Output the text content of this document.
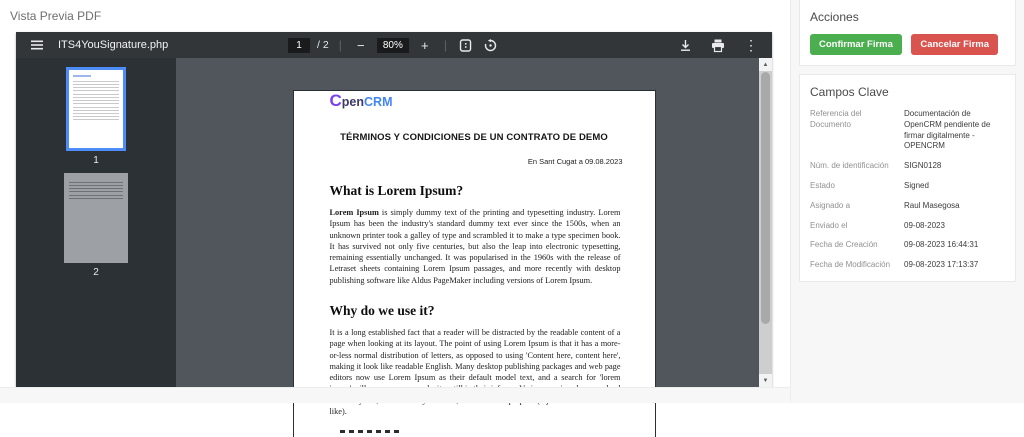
Vista Previa PDF
ITS4YouSignature.php
1	/ 2 |	−	80%	+	|	⋮
1
2
CpenCRM
TÉRMINOS Y CONDICIONES DE UN CONTRATO DE DEMO
En Sant Cugat a 09.08.2023
What is Lorem Ipsum?

Lorem Ipsum is simply dummy text of the printing and typesetting industry. Lorem Ipsum has been the industry's standard dummy text ever since the 1500s, when an unknown printer took a galley of type and scrambled it to make a type specimen book. It has survived not only five centuries, but also the leap into electronic typesetting, remaining essentially unchanged. It was popularised in the 1960s with the release of Letraset sheets containing Lorem Ipsum passages, and more recently with desktop publishing software like Aldus PageMaker including versions of Lorem Ipsum.

Why do we use it?

It is a long established fact that a reader will be distracted by the readable content of a page when looking at its layout. The point of using Lorem Ipsum is that it has a more-or-less normal distribution of letters, as opposed to using 'Content here, content here', making it look like readable English. Many desktop publishing packages and web page editors now use Lorem Ipsum as their default model text, and a search for 'lorem like).

▲
▼
Acciones
Confirmar Firma	Cancelar Firma
Campos Clave
Referencia del Documento
Documentación de OpenCRM pendiente de firmar digitalmente - OPENCRM
Núm. de identificación	SIGN0128
Estado	Signed
Asignado a	Raul Masegosa
Enviado el	09-08-2023
Fecha de Creación	09-08-2023 16:44:31
Fecha de Modificación	09-08-2023 17:13:37
